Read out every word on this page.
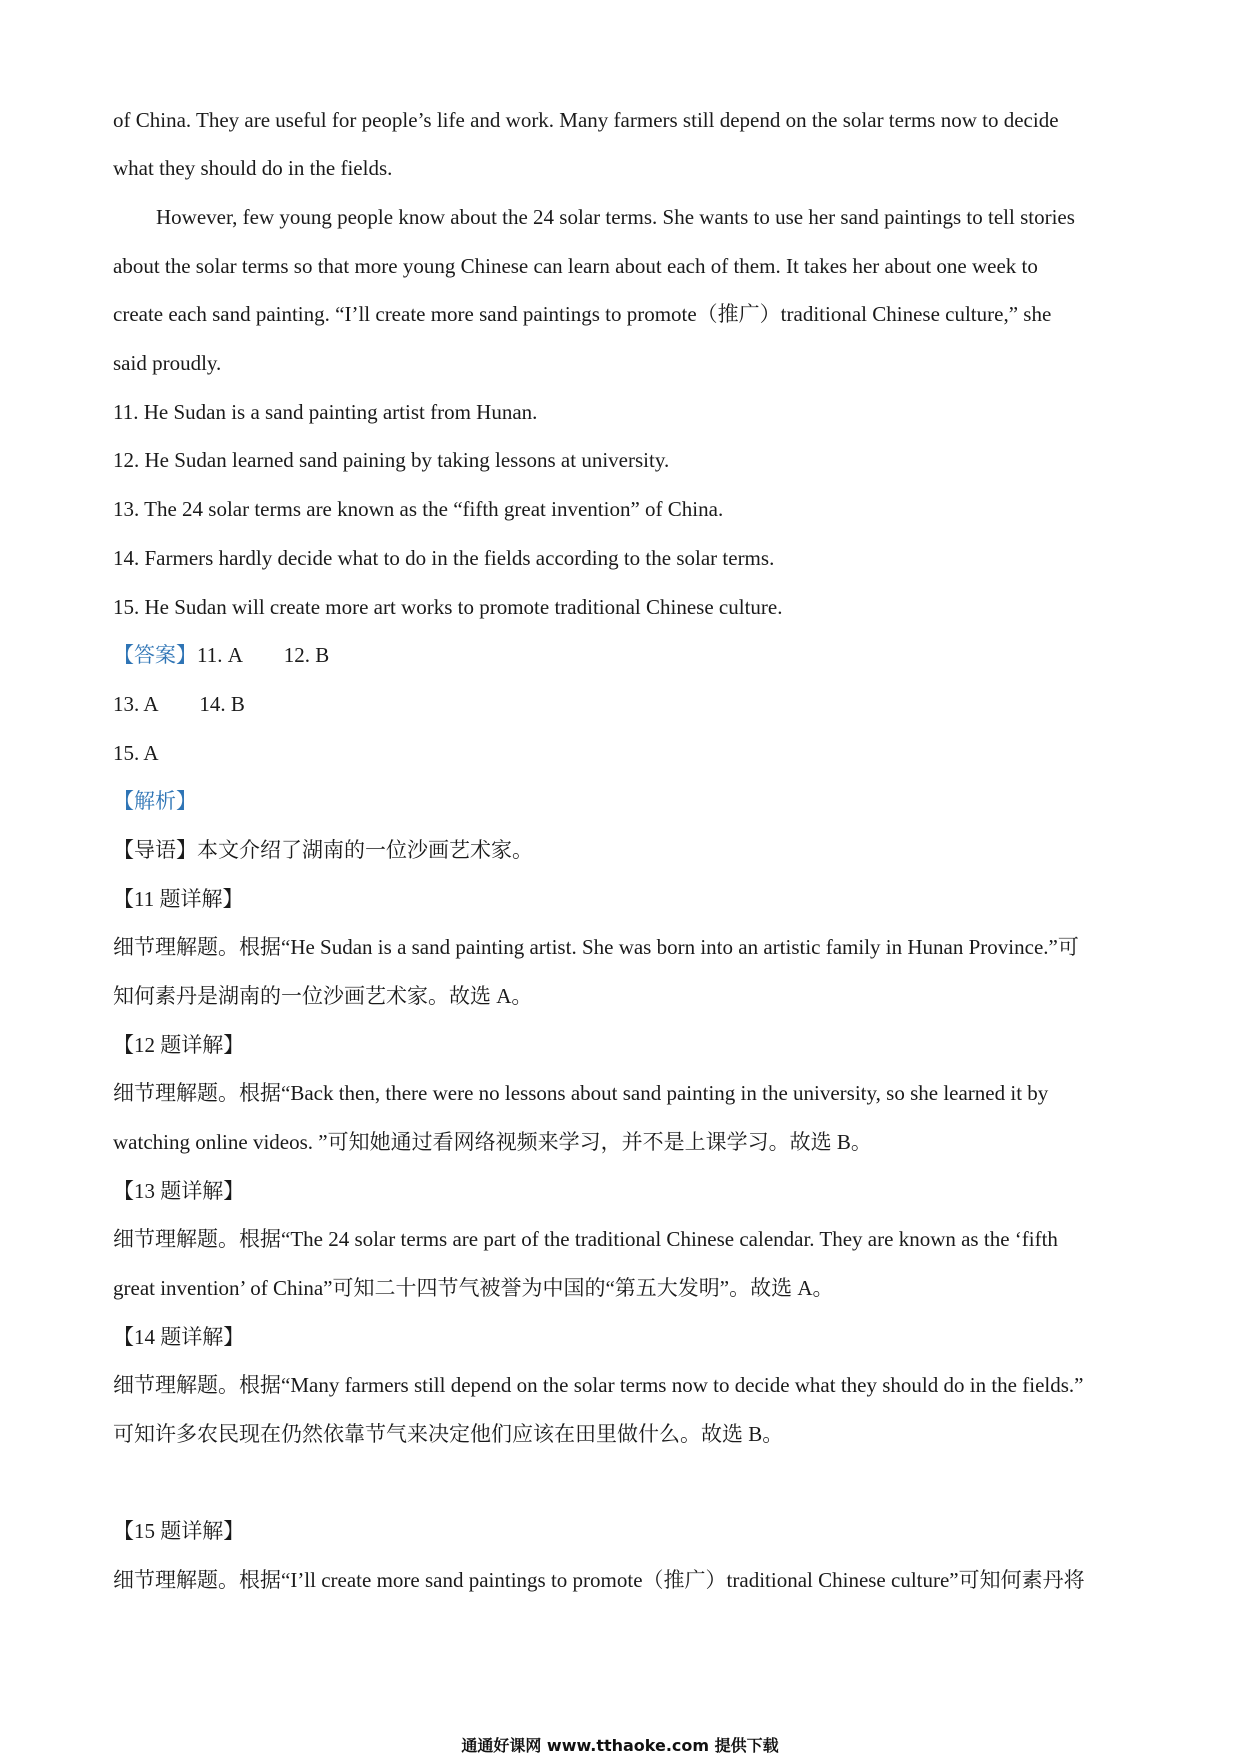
of China. They are useful for people’s life and work. Many farmers still depend on the solar terms now to decide
what they should do in the fields.
However, few young people know about the 24 solar terms. She wants to use her sand paintings to tell stories
about the solar terms so that more young Chinese can learn about each of them. It takes her about one week to
create each sand painting. “I’ll create more sand paintings to promote（推广）traditional Chinese culture,” she
said proudly.
11. He Sudan is a sand painting artist from Hunan.
12. He Sudan learned sand paining by taking lessons at university.
13. The 24 solar terms are known as the “fifth great invention” of China.
14. Farmers hardly decide what to do in the fields according to the solar terms.
15. He Sudan will create more art works to promote traditional Chinese culture.
【答案】11. A        12. B
13. A        14. B
15. A
【解析】
【导语】本文介绍了湖南的一位沙画艺术家。
【11 题详解】
细节理解题。根据“He Sudan is a sand painting artist. She was born into an artistic family in Hunan Province.”可
知何素丹是湖南的一位沙画艺术家。故选 A。
【12 题详解】
细节理解题。根据“Back then, there were no lessons about sand painting in the university, so she learned it by
watching online videos. ”可知她通过看网络视频来学习，并不是上课学习。故选 B。
【13 题详解】
细节理解题。根据“The 24 solar terms are part of the traditional Chinese calendar. They are known as the ‘fifth
great invention’ of China”可知二十四节气被誉为中国的“第五大发明”。故选 A。
【14 题详解】
细节理解题。根据“Many farmers still depend on the solar terms now to decide what they should do in the fields.”
可知许多农民现在仍然依靠节气来决定他们应该在田里做什么。故选 B。
【15 题详解】
细节理解题。根据“I’ll create more sand paintings to promote（推广）traditional Chinese culture”可知何素丹将
通通好课网 www.tthaoke.com 提供下载
